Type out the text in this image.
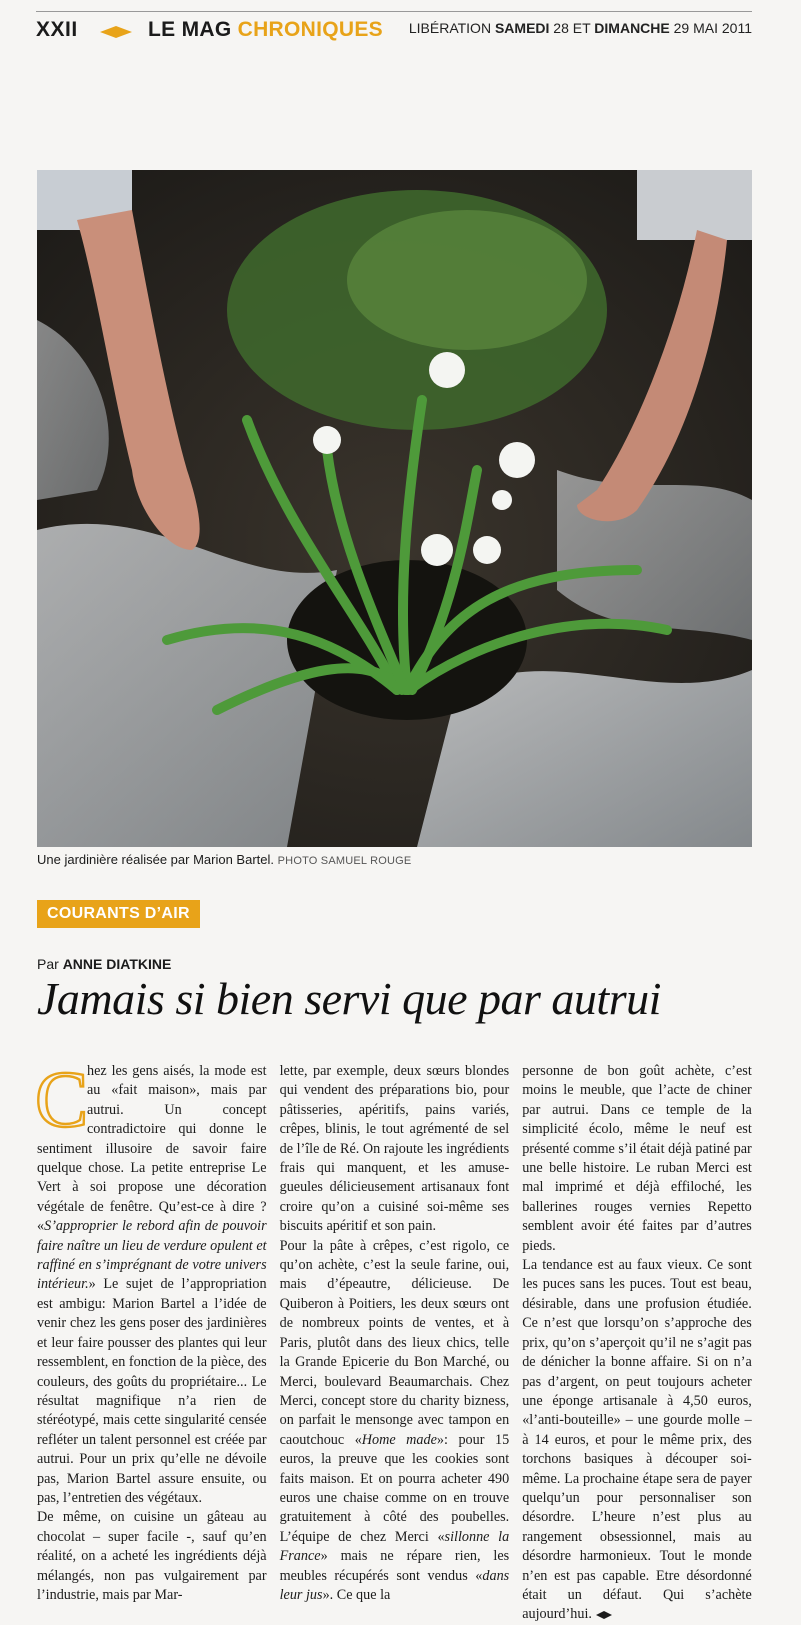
XXII	LE MAG CHRONIQUES LIBÉRATION SAMEDI 28 ET DIMANCHE 29 MAI 2011
Une jardinière réalisée par Marion Bartel. PHOTO SAMUEL ROUGE
COURANTS D’AIR
Par ANNE DIATKINE
Jamais si bien servi que par autrui
C

hez les gens aisés, la mode est au «fait maison», mais par autrui. Un concept contradictoire qui donne le sentiment illusoire de savoir faire quelque chose. La petite entreprise Le Vert à soi propose une décoration végétale de fenêtre. Qu’est-ce à dire ? «S’approprier le rebord afin de pouvoir faire naître un lieu de verdure opulent et raffiné en s’imprégnant de votre univers intérieur.» Le sujet de l’appropriation est ambigu: Marion Bartel a l’idée de venir chez les gens poser des jardinières et leur faire pousser des plantes qui leur ressemblent, en fonction de la pièce, des couleurs, des goûts du propriétaire... Le résultat magnifique n’a rien de stéréotypé, mais cette singularité censée refléter un talent personnel est créée par autrui. Pour un prix qu’elle ne dévoile pas, Marion Bartel assure ensuite, ou pas, l’entretien des végétaux.

De même, on cuisine un gâteau au chocolat – super facile -, sauf qu’en réalité, on a acheté les ingrédients déjà mélangés, non pas vulgairement par l’industrie, mais par Mar-

lette, par exemple, deux sœurs blondes qui vendent des préparations bio, pour pâtisseries, apéritifs, pains variés, crêpes, blinis, le tout agrémenté de sel de l’île de Ré. On rajoute les ingrédients frais qui manquent, et les amuse-gueules délicieusement artisanaux font croire qu’on a cuisiné soi-même ses biscuits apéritif et son pain.

Pour la pâte à crêpes, c’est rigolo, ce qu’on achète, c’est la seule farine, oui, mais d’épeautre, délicieuse. De Quiberon à Poitiers, les deux sœurs ont de nombreux points de ventes, et à Paris, plutôt dans des lieux chics, telle la Grande Epicerie du Bon Marché, ou Merci, boulevard Beaumarchais. Chez Merci, concept store du charity bizness, on parfait le mensonge avec tampon en caoutchouc «Home made»: pour 15 euros, la preuve que les cookies sont faits maison. Et on pourra acheter 490 euros une chaise comme on en trouve gratuitement à côté des poubelles. L’équipe de chez Merci «sillonne la France» mais ne répare rien, les meubles récupérés sont vendus «dans leur jus». Ce que la

personne de bon goût achète, c’est moins le meuble, que l’acte de chiner par autrui. Dans ce temple de la simplicité écolo, même le neuf est présenté comme s’il était déjà patiné par une belle histoire. Le ruban Merci est mal imprimé et déjà effiloché, les ballerines rouges vernies Repetto semblent avoir été faites par d’autres pieds.

La tendance est au faux vieux. Ce sont les puces sans les puces. Tout est beau, désirable, dans une profusion étudiée. Ce n’est que lorsqu’on s’approche des prix, qu’on s’aperçoit qu’il ne s’agit pas de dénicher la bonne affaire. Si on n’a pas d’argent, on peut toujours acheter une éponge artisanale à 4,50 euros, «l’anti-bouteille» – une gourde molle – à 14 euros, et pour le même prix, des torchons basiques à découper soi-même. La prochaine étape sera de payer quelqu’un pour personnaliser son désordre. L’heure n’est plus au rangement obsessionnel, mais au désordre harmonieux. Tout le monde n’en est pas capable. Etre désordonné était un défaut. Qui s’achète aujourd’hui.
